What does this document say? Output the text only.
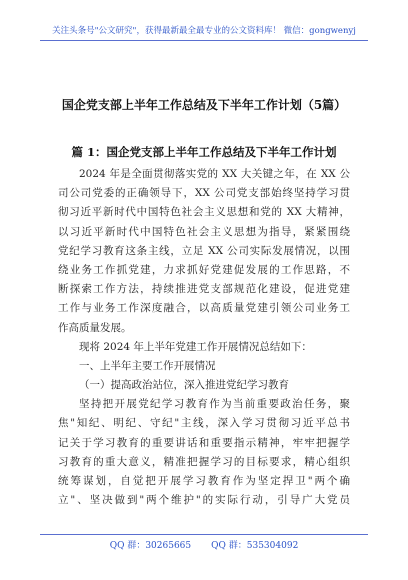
关注头条号"公文研究"，获得最新最全最专业的公文资料库！ 微信：gongwenyj
国企党支部上半年工作总结及下半年工作计划（5篇）
篇 1：国企党支部上半年工作总结及下半年工作计划
2024 年是全面贯彻落实党的 XX 大关键之年，在 XX 公
司公司党委的正确领导下，XX 公司党支部始终坚持学习贯
彻习近平新时代中国特色社会主义思想和党的 XX 大精神，
以习近平新时代中国特色社会主义思想为指导，紧紧围绕
党纪学习教育这条主线，立足 XX 公司实际发展情况，以围
绕业务工作抓党建，力求抓好党建促发展的工作思路，不
断探索工作方法，持续推进党支部规范化建设，促进党建
工作与业务工作深度融合，以高质量党建引领公司业务工
作高质量发展。
现将 2024 年上半年党建工作开展情况总结如下：
一、上半年主要工作开展情况
（一）提高政治站位，深入推进党纪学习教育
坚持把开展党纪学习教育作为当前重要政治任务，聚
焦"知纪、明纪、守纪"主线，深入学习贯彻习近平总书
记关于学习教育的重要讲话和重要指示精神，牢牢把握学
习教育的重大意义，精准把握学习的目标要求，精心组织
统筹谋划，自觉把开展学习教育作为坚定捍卫"两个确
立"、坚决做到"两个维护"的实际行动，引导广大党员
QQ 群：30265665 QQ 群：535304092
